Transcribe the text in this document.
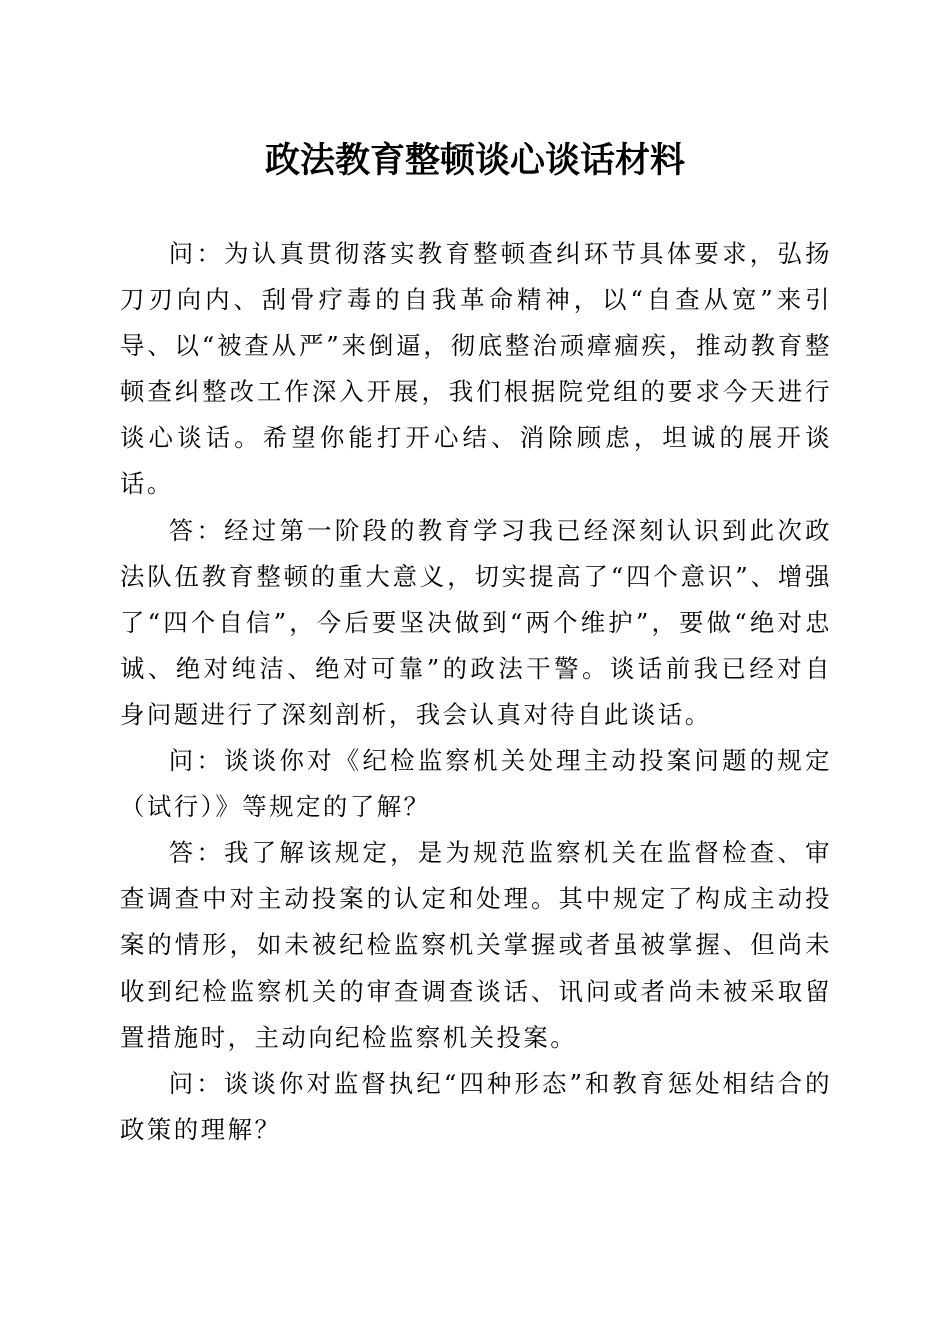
政法教育整顿谈心谈话材料

问：为认真贯彻落实教育整顿查纠环节具体要求，弘扬刀刃向内、刮骨疗毒的自我革命精神，以“自查从宽”来引导、以“被查从严”来倒逼，彻底整治顽瘴痼疾，推动教育整顿查纠整改工作深入开展，我们根据院党组的要求今天进行谈心谈话。希望你能打开心结、消除顾虑，坦诚的展开谈话。

答：经过第一阶段的教育学习我已经深刻认识到此次政法队伍教育整顿的重大意义，切实提高了“四个意识”、增强了“四个自信”，今后要坚决做到“两个维护”，要做“绝对忠诚、绝对纯洁、绝对可靠”的政法干警。谈话前我已经对自身问题进行了深刻剖析，我会认真对待自此谈话。

问：谈谈你对《纪检监察机关处理主动投案问题的规定（试行）》等规定的了解？

答：我了解该规定，是为规范监察机关在监督检查、审查调查中对主动投案的认定和处理。其中规定了构成主动投案的情形，如未被纪检监察机关掌握或者虽被掌握、但尚未收到纪检监察机关的审查调查谈话、讯问或者尚未被采取留置措施时，主动向纪检监察机关投案。

问：谈谈你对监督执纪“四种形态”和教育惩处相结合的政策的理解？
